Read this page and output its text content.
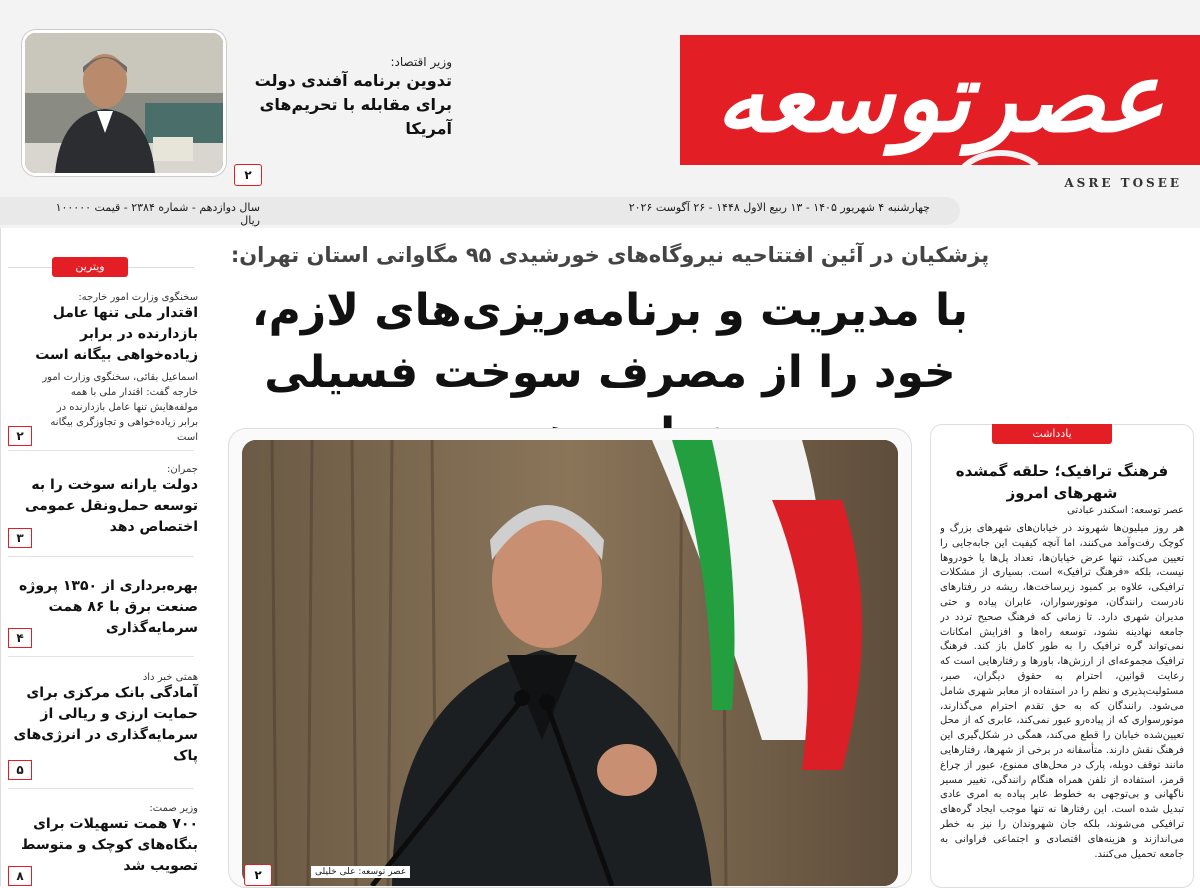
عصرتوسعه
ASRE TOSEE
وزیر اقتصاد:
تدوین برنامه آفندی دولت
برای مقابله با تحریم‌های آمریکا
۲
چهارشنبه ۴ شهریور ۱۴۰۵ - ۱۳ ربیع الاول ۱۴۴۸ - ۲۶ آگوست ۲۰۲۶
سال دوازدهم - شماره ۲۳۸۴ - قیمت ۱۰۰۰۰۰ ریال
ویترین
سخنگوی وزارت امور خارجه:
اقتدار ملی تنها عامل بازدارنده در برابر زیاده‌خواهی بیگانه است
اسماعیل بقائی، سخنگوی وزارت امور خارجه گفت: اقتدار ملی با همه مولفه‌هایش تنها عامل بازدارنده در برابر زیاده‌خواهی و تجاوزگری بیگانه است
۲
جمران:
دولت یارانه سوخت را به توسعه حمل‌ونقل عمومی اختصاص دهد
۳
بهره‌برداری از ۱۳۵۰ پروژه صنعت برق با ۸۶ همت سرمایه‌گذاری
۴
همتی خبر داد
آمادگی بانک مرکزی برای حمایت ارزی و ریالی از سرمایه‌گذاری در انرژی‌های پاک
۵
وزیر صمت:
۷۰۰ همت تسهیلات برای بنگاه‌های کوچک و متوسط تصویب شد
۸
پزشکیان در آئین افتتاحیه نیروگاه‌های خورشیدی ۹۵ مگاواتی استان تهران:
با مدیریت و برنامه‌ریزی‌های لازم، خود را از مصرف سوخت فسیلی
عصر توسعه: علی خلیلی
۲
یادداشت
فرهنگ ترافیک؛ حلقه گمشده شهرهای امروز
عصر توسعه: اسکندر عبادتی
هر روز میلیون‌ها شهروند در خیابان‌های شهرهای بزرگ و کوچک رفت‌وآمد می‌کنند، اما آنچه کیفیت این جابه‌جایی را تعیین می‌کند، تنها عرض خیابان‌ها، تعداد پل‌ها یا خودروها نیست، بلکه «فرهنگ ترافیک» است. بسیاری از مشکلات ترافیکی، علاوه بر کمبود زیرساخت‌ها، ریشه در رفتارهای نادرست رانندگان، موتورسواران، عابران پیاده و حتی مدیران شهری دارد. تا زمانی که فرهنگ صحیح تردد در جامعه نهادینه نشود، توسعه راه‌ها و افزایش امکانات نمی‌تواند گره ترافیک را به طور کامل باز کند. فرهنگ ترافیک مجموعه‌ای از ارزش‌ها، باورها و رفتارهایی است که رعایت قوانین، احترام به حقوق دیگران، صبر، مسئولیت‌پذیری و نظم را در استفاده از معابر شهری شامل می‌شود. رانندگان که به حق تقدم احترام می‌گذارند، موتورسواری که از پیاده‌رو عبور نمی‌کند، عابری که از محل تعیین‌شده خیابان را قطع می‌کند، همگی در شکل‌گیری این فرهنگ نقش دارند. متأسفانه در برخی از شهرها، رفتارهایی مانند توقف دوبله، پارک در محل‌های ممنوع، عبور از چراغ قرمز، استفاده از تلفن همراه هنگام رانندگی، تغییر مسیر ناگهانی و بی‌توجهی به خطوط عابر پیاده به امری عادی تبدیل شده است. این رفتارها نه تنها موجب ایجاد گره‌های ترافیکی می‌شوند، بلکه جان شهروندان را نیز به خطر می‌اندازند و هزینه‌های اقتصادی و اجتماعی فراوانی به جامعه تحمیل می‌کنند.
